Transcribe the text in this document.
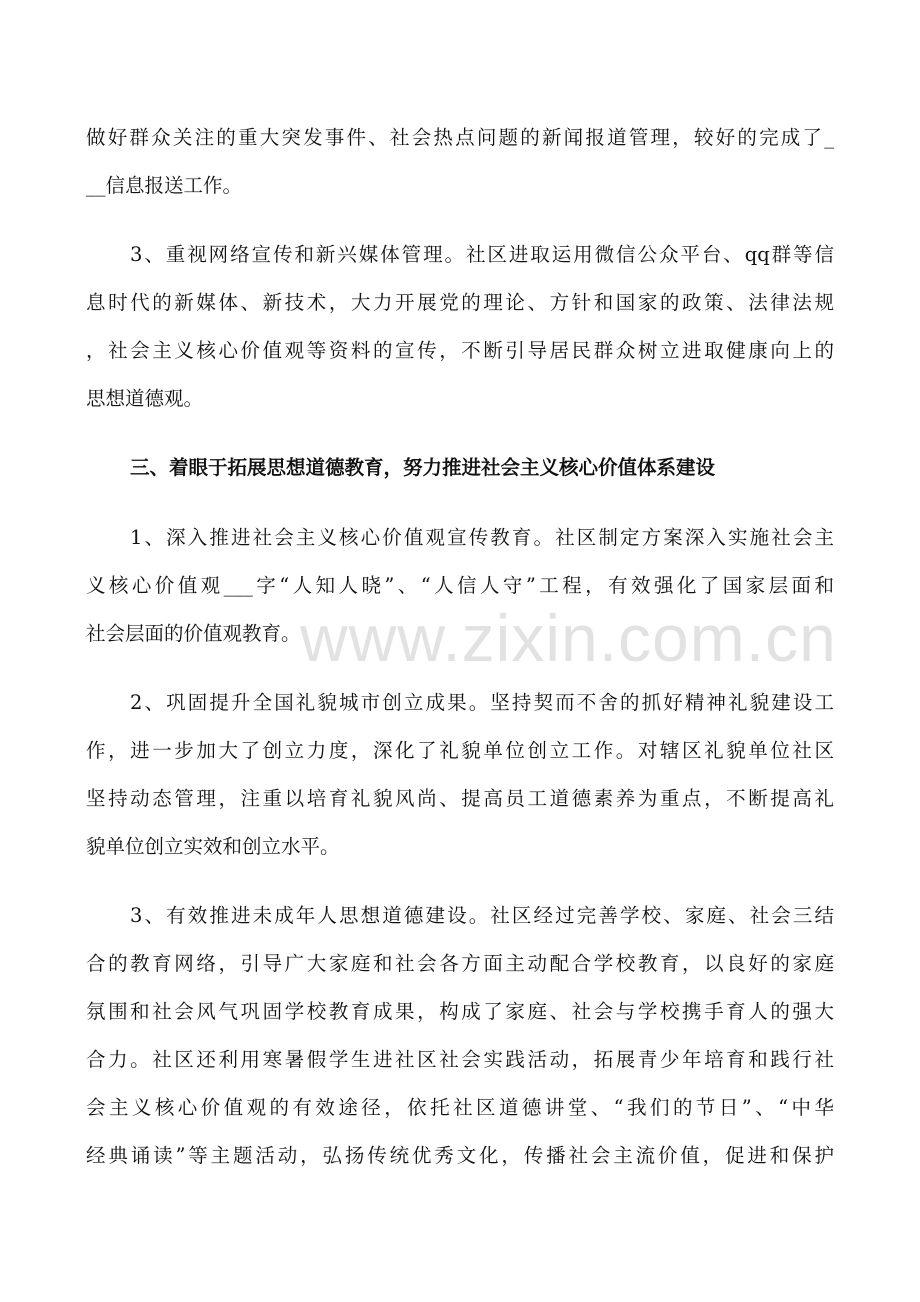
做好群众关注的重大突发事件、社会热点问题的新闻报道管理，较好的完成了_
__信息报送工作。
3、重视网络宣传和新兴媒体管理。社区进取运用微信公众平台、qq群等信
息时代的新媒体、新技术，大力开展党的理论、方针和国家的政策、法律法规
，社会主义核心价值观等资料的宣传，不断引导居民群众树立进取健康向上的
思想道德观。
三、着眼于拓展思想道德教育，努力推进社会主义核心价值体系建设
1、深入推进社会主义核心价值观宣传教育。社区制定方案深入实施社会主
义核心价值观___字“人知人晓”、“人信人守”工程，有效强化了国家层面和
社会层面的价值观教育。
2、巩固提升全国礼貌城市创立成果。坚持契而不舍的抓好精神礼貌建设工
作，进一步加大了创立力度，深化了礼貌单位创立工作。对辖区礼貌单位社区
坚持动态管理，注重以培育礼貌风尚、提高员工道德素养为重点，不断提高礼
貌单位创立实效和创立水平。
3、有效推进未成年人思想道德建设。社区经过完善学校、家庭、社会三结
合的教育网络，引导广大家庭和社会各方面主动配合学校教育，以良好的家庭
氛围和社会风气巩固学校教育成果，构成了家庭、社会与学校携手育人的强大
合力。社区还利用寒暑假学生进社区社会实践活动，拓展青少年培育和践行社
会主义核心价值观的有效途径，依托社区道德讲堂、“我们的节日”、“中华
经典诵读”等主题活动，弘扬传统优秀文化，传播社会主流价值，促进和保护
www.zixin.com.cn
